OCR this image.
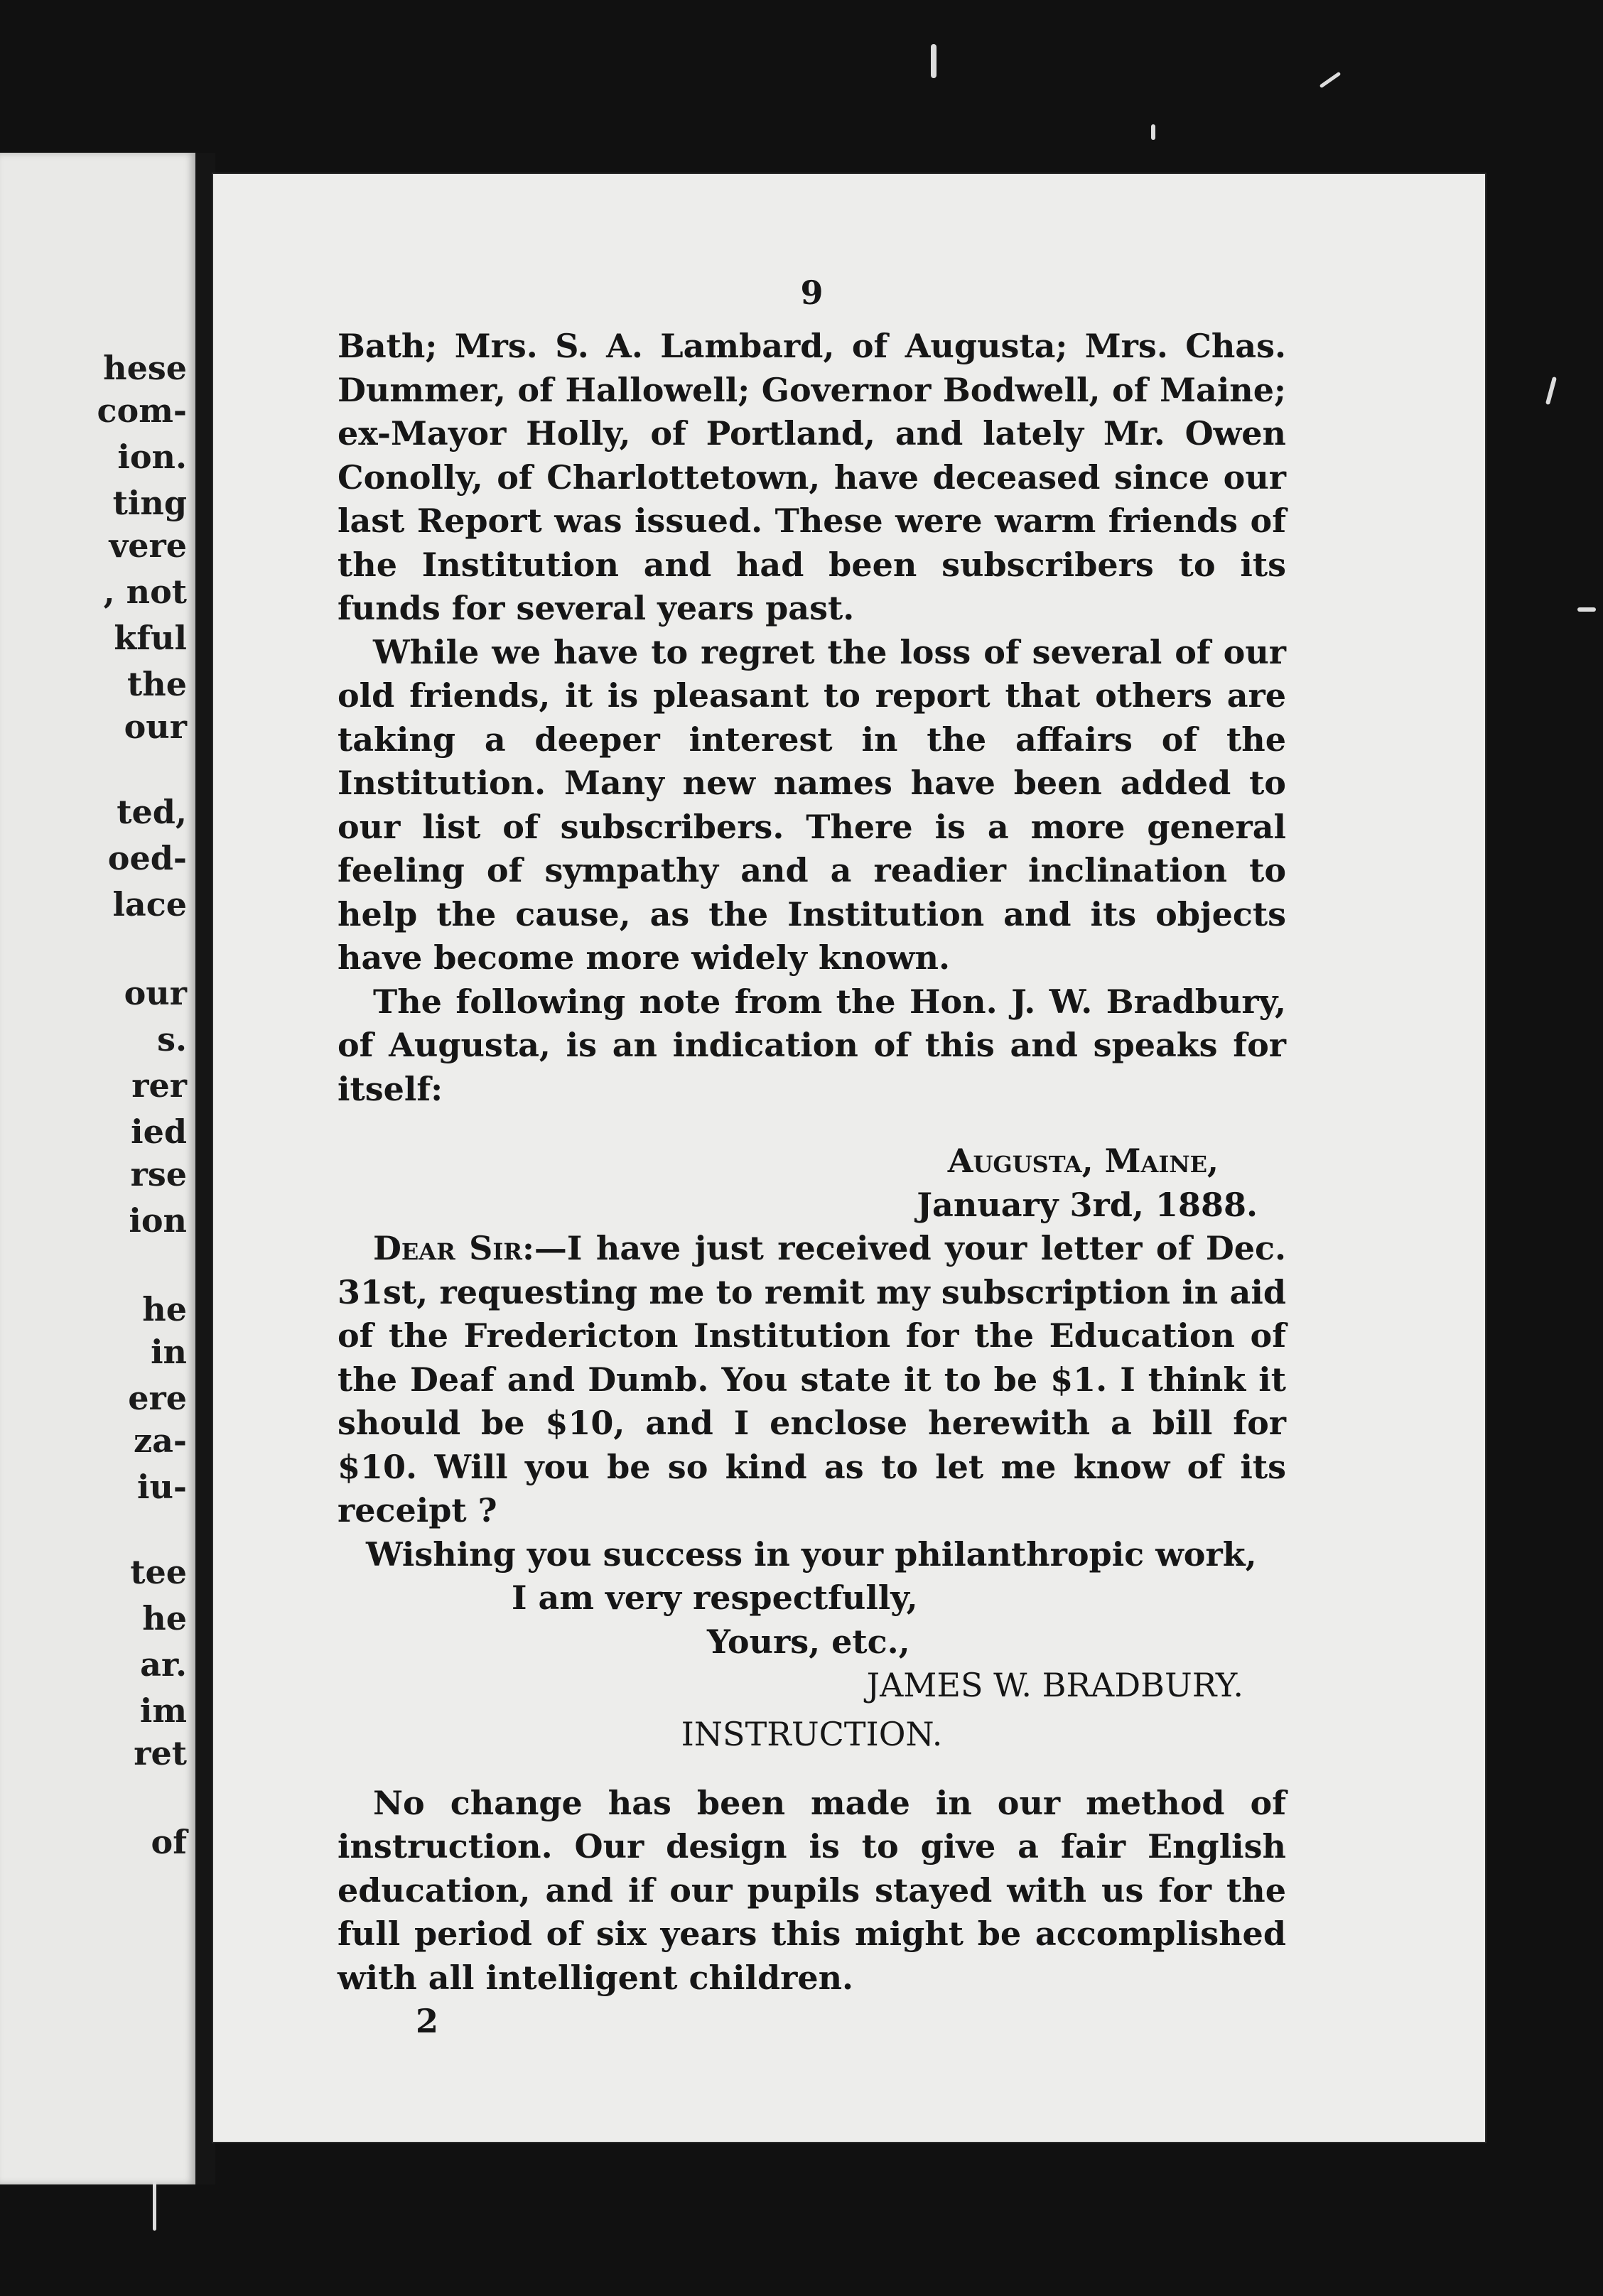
hese
com-
ion.
ting
vere
, not
kful
the
our
ted,
oed-
lace
our
s.
rer
ied
rse
ion
he
in
ere
za-
iu-
tee
he
ar.
im
ret
of
9

Bath; Mrs. S. A. Lambard, of Augusta; Mrs. Chas. Dummer, of Hallowell; Governor Bodwell, of Maine; ex-Mayor Holly, of Portland, and lately Mr. Owen Conolly, of Charlottetown, have deceased since our last Report was issued. These were warm friends of the Institution and had been subscribers to its funds for several years past.

While we have to regret the loss of several of our old friends, it is pleasant to report that others are taking a deeper interest in the affairs of the Institution. Many new names have been added to our list of subscribers. There is a more general feeling of sympathy and a readier inclination to help the cause, as the Institution and its objects have become more widely known.

The following note from the Hon. J. W. Bradbury, of Augusta, is an indication of this and speaks for itself:

Augusta, Maine,
January 3rd, 1888.

Dear Sir:—I have just received your letter of Dec. 31st, requesting me to remit my subscription in aid of the Fredericton Institution for the Education of the Deaf and Dumb. You state it to be $1. I think it should be $10, and I enclose herewith a bill for $10. Will you be so kind as to let me know of its receipt ?

Wishing you success in your philanthropic work,
I am very respectfully,
Yours, etc.,
JAMES W. BRADBURY.
INSTRUCTION.

No change has been made in our method of instruction. Our design is to give a fair English education, and if our pupils stayed with us for the full period of six years this might be accomplished with all intelligent children.

2
